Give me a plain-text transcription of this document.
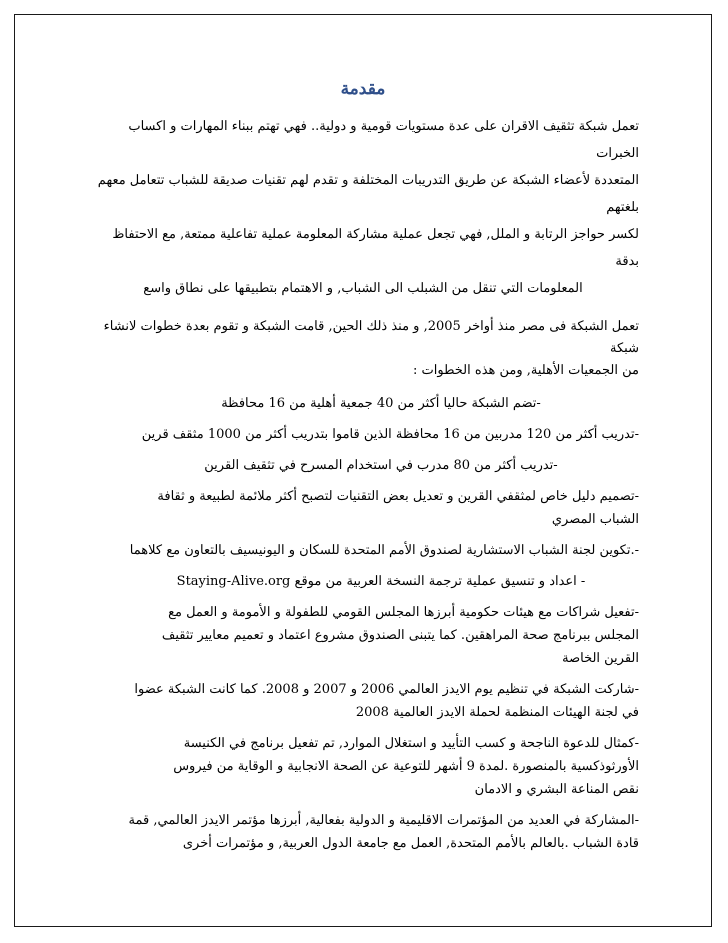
مقدمة

تعمل شبكة تثقيف الاقران على عدة مستويات قومية و دولية.. فهي تهتم ببناء المهارات و اكساب الخبرات

المتعددة لأعضاء الشبكة عن طريق التدريبات المختلفة و تقدم لهم تقنيات صديقة للشباب تتعامل معهم بلغتهم

لكسر حواجز الرتابة و الملل, فهي تجعل عملية مشاركة المعلومة عملية تفاعلية ممتعة, مع الاحتفاظ بدقة

المعلومات التي تنقل من الشبلب الى الشباب, و الاهتمام بتطبيقها على نطاق واسع

تعمل الشبكة فى مصر منذ أواخر 2005, و منذ ذلك الحين, قامت الشبكة و تقوم بعدة خطوات لانشاء شبكة

من الجمعيات الأهلية, ومن هذه الخطوات :

-تضم الشبكة حاليا أكثر من 40 جمعية أهلية من 16 محافظة
-تدريب أكثر من 120 مدربين من 16 محافظة الذين قاموا بتدريب أكثر من 1000 مثقف قرين
-تدريب أكثر من 80 مدرب في استخدام المسرح في تثقيف القرين
-تصميم دليل خاص لمثقفي القرين و تعديل بعض التقنيات لتصبح أكثر ملائمة لطبيعة و ثقافة
الشباب المصري
-.تكوين لجنة الشباب الاستشارية لصندوق الأمم المتحدة للسكان و اليونيسيف بالتعاون مع كلاهما
- اعداد و تنسيق عملية ترجمة النسخة العربية من موقع Staying-Alive.org
-تفعيل شراكات مع هيئات حكومية أبرزها المجلس القومي للطفولة و الأمومة و العمل مع
المجلس ببرنامج صحة المراهقين. كما يتبنى الصندوق مشروع اعتماد و تعميم معايير تثقيف
القرين الخاصة
-شاركت الشبكة في تنظيم يوم الايدز العالمي 2006 و 2007 و 2008. كما كانت الشبكة عضوا
في لجنة الهيئات المنظمة لحملة الايدز العالمية 2008
-كمثال للدعوة الناجحة و كسب التأييد و استغلال الموارد, تم تفعيل برنامج في الكنيسة
الأورثوذكسية بالمنصورة .لمدة 9 أشهر للتوعية عن الصحة الانجابية و الوقاية من فيروس
نقص المناعة البشري و الادمان
-المشاركة في العديد من المؤتمرات الاقليمية و الدولية بفعالية, أبرزها مؤتمر الايدز العالمي, قمة
قادة الشباب .بالعالم بالأمم المتحدة, العمل مع جامعة الدول العربية, و مؤتمرات أخرى
